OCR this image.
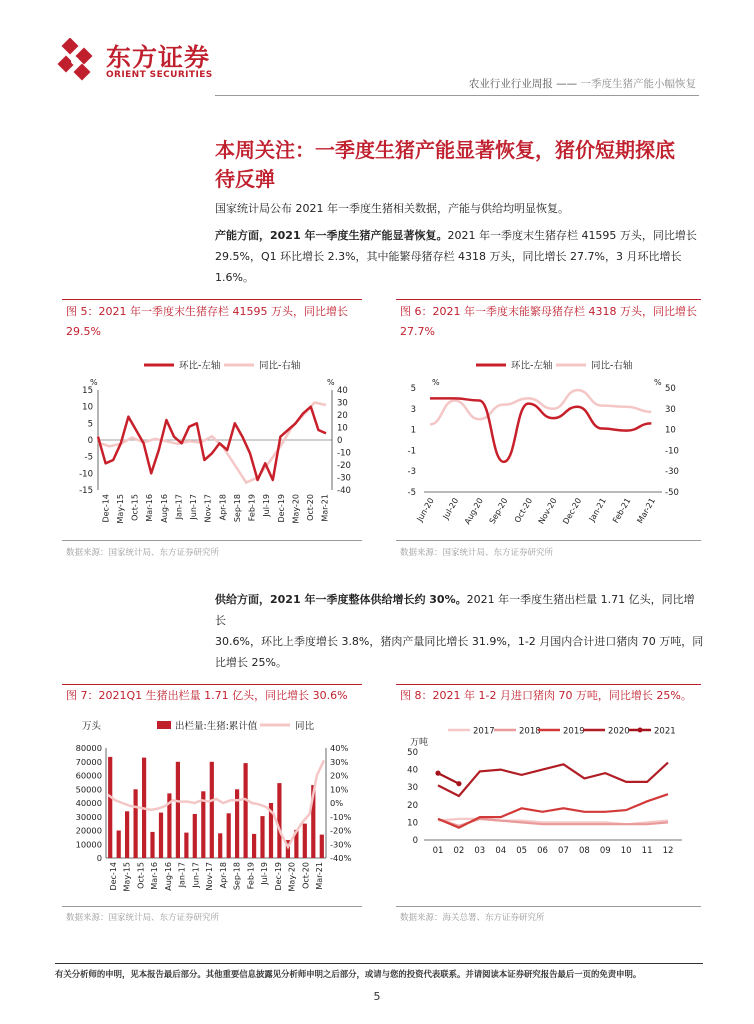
东方证券
ORIENT SECURITIES
农业行业行业周报 —— 一季度生猪产能小幅恢复
本周关注：一季度生猪产能显著恢复，猪价短期探底
待反弹
国家统计局公布 2021 年一季度生猪相关数据，产能与供给均明显恢复。
产能方面，2021 年一季度生猪产能显著恢复。2021 年一季度末生猪存栏 41595 万头，同比增长
29.5%，Q1 环比增长 2.3%，其中能繁母猪存栏 4318 万头，同比增长 27.7%，3 月环比增长 1.6%。
图 5：2021 年一季度末生猪存栏 41595 万头，同比增长
29.5%
环比-左轴	同比-右轴
%	%
15
10
5
0
-5
-10
-15
40
30
20
10
0
-10
-20
-30
-40
Dec-14 May-15 Oct-15 Mar-16 Aug-16 Jan-17 Jun-17 Nov-17 Apr-18 Sep-18 Feb-19 Jul-19 Dec-19 May-20 Oct-20 Mar-21
数据来源：国家统计局、东方证券研究所
图 6：2021 年一季度末能繁母猪存栏 4318 万头，同比增长
27.7%
环比-左轴	同比-右轴
%	%
5
3
1
-1
-3
-5
50
30
10
-10
-30
-50
Jun-20 Jul-20 Aug-20 Sep-20 Oct-20 Nov-20 Dec-20 Jan-21 Feb-21 Mar-21
数据来源：国家统计局、东方证券研究所
供给方面，2021 年一季度整体供给增长约 30%。2021 年一季度生猪出栏量 1.71 亿头，同比增长
30.6%，环比上季度增长 3.8%，猪肉产量同比增长 31.9%，1-2 月国内合计进口猪肉 70 万吨，同
比增长 25%。
图 7：2021Q1 生猪出栏量 1.71 亿头，同比增长 30.6%
万头	出栏量:生猪:累计值	同比
80000
70000
60000
50000
40000
30000
20000
10000
0
40%
30%
20%
10%
0%
-10%
-20%
-30%
-40%
Dec-14 May-15 Oct-15 Mar-16 Aug-16 Jan-17 Jun-17 Nov-17 Apr-18 Sep-18 Feb-19 Jul-19 Dec-19 May-20 Oct-20 Mar-21
数据来源：国家统计局、东方证券研究所
图 8：2021 年 1-2 月进口猪肉 70 万吨，同比增长 25%。
2017	2018	2019	2020	2021
万吨
50
40
30
20
10
0
01 02 03 04 05 06 07 08 09 10 11 12
数据来源：海关总署、东方证券研究所
有关分析师的申明，见本报告最后部分。其他重要信息披露见分析师申明之后部分，或请与您的投资代表联系。并请阅读本证券研究报告最后一页的免责申明。
5
